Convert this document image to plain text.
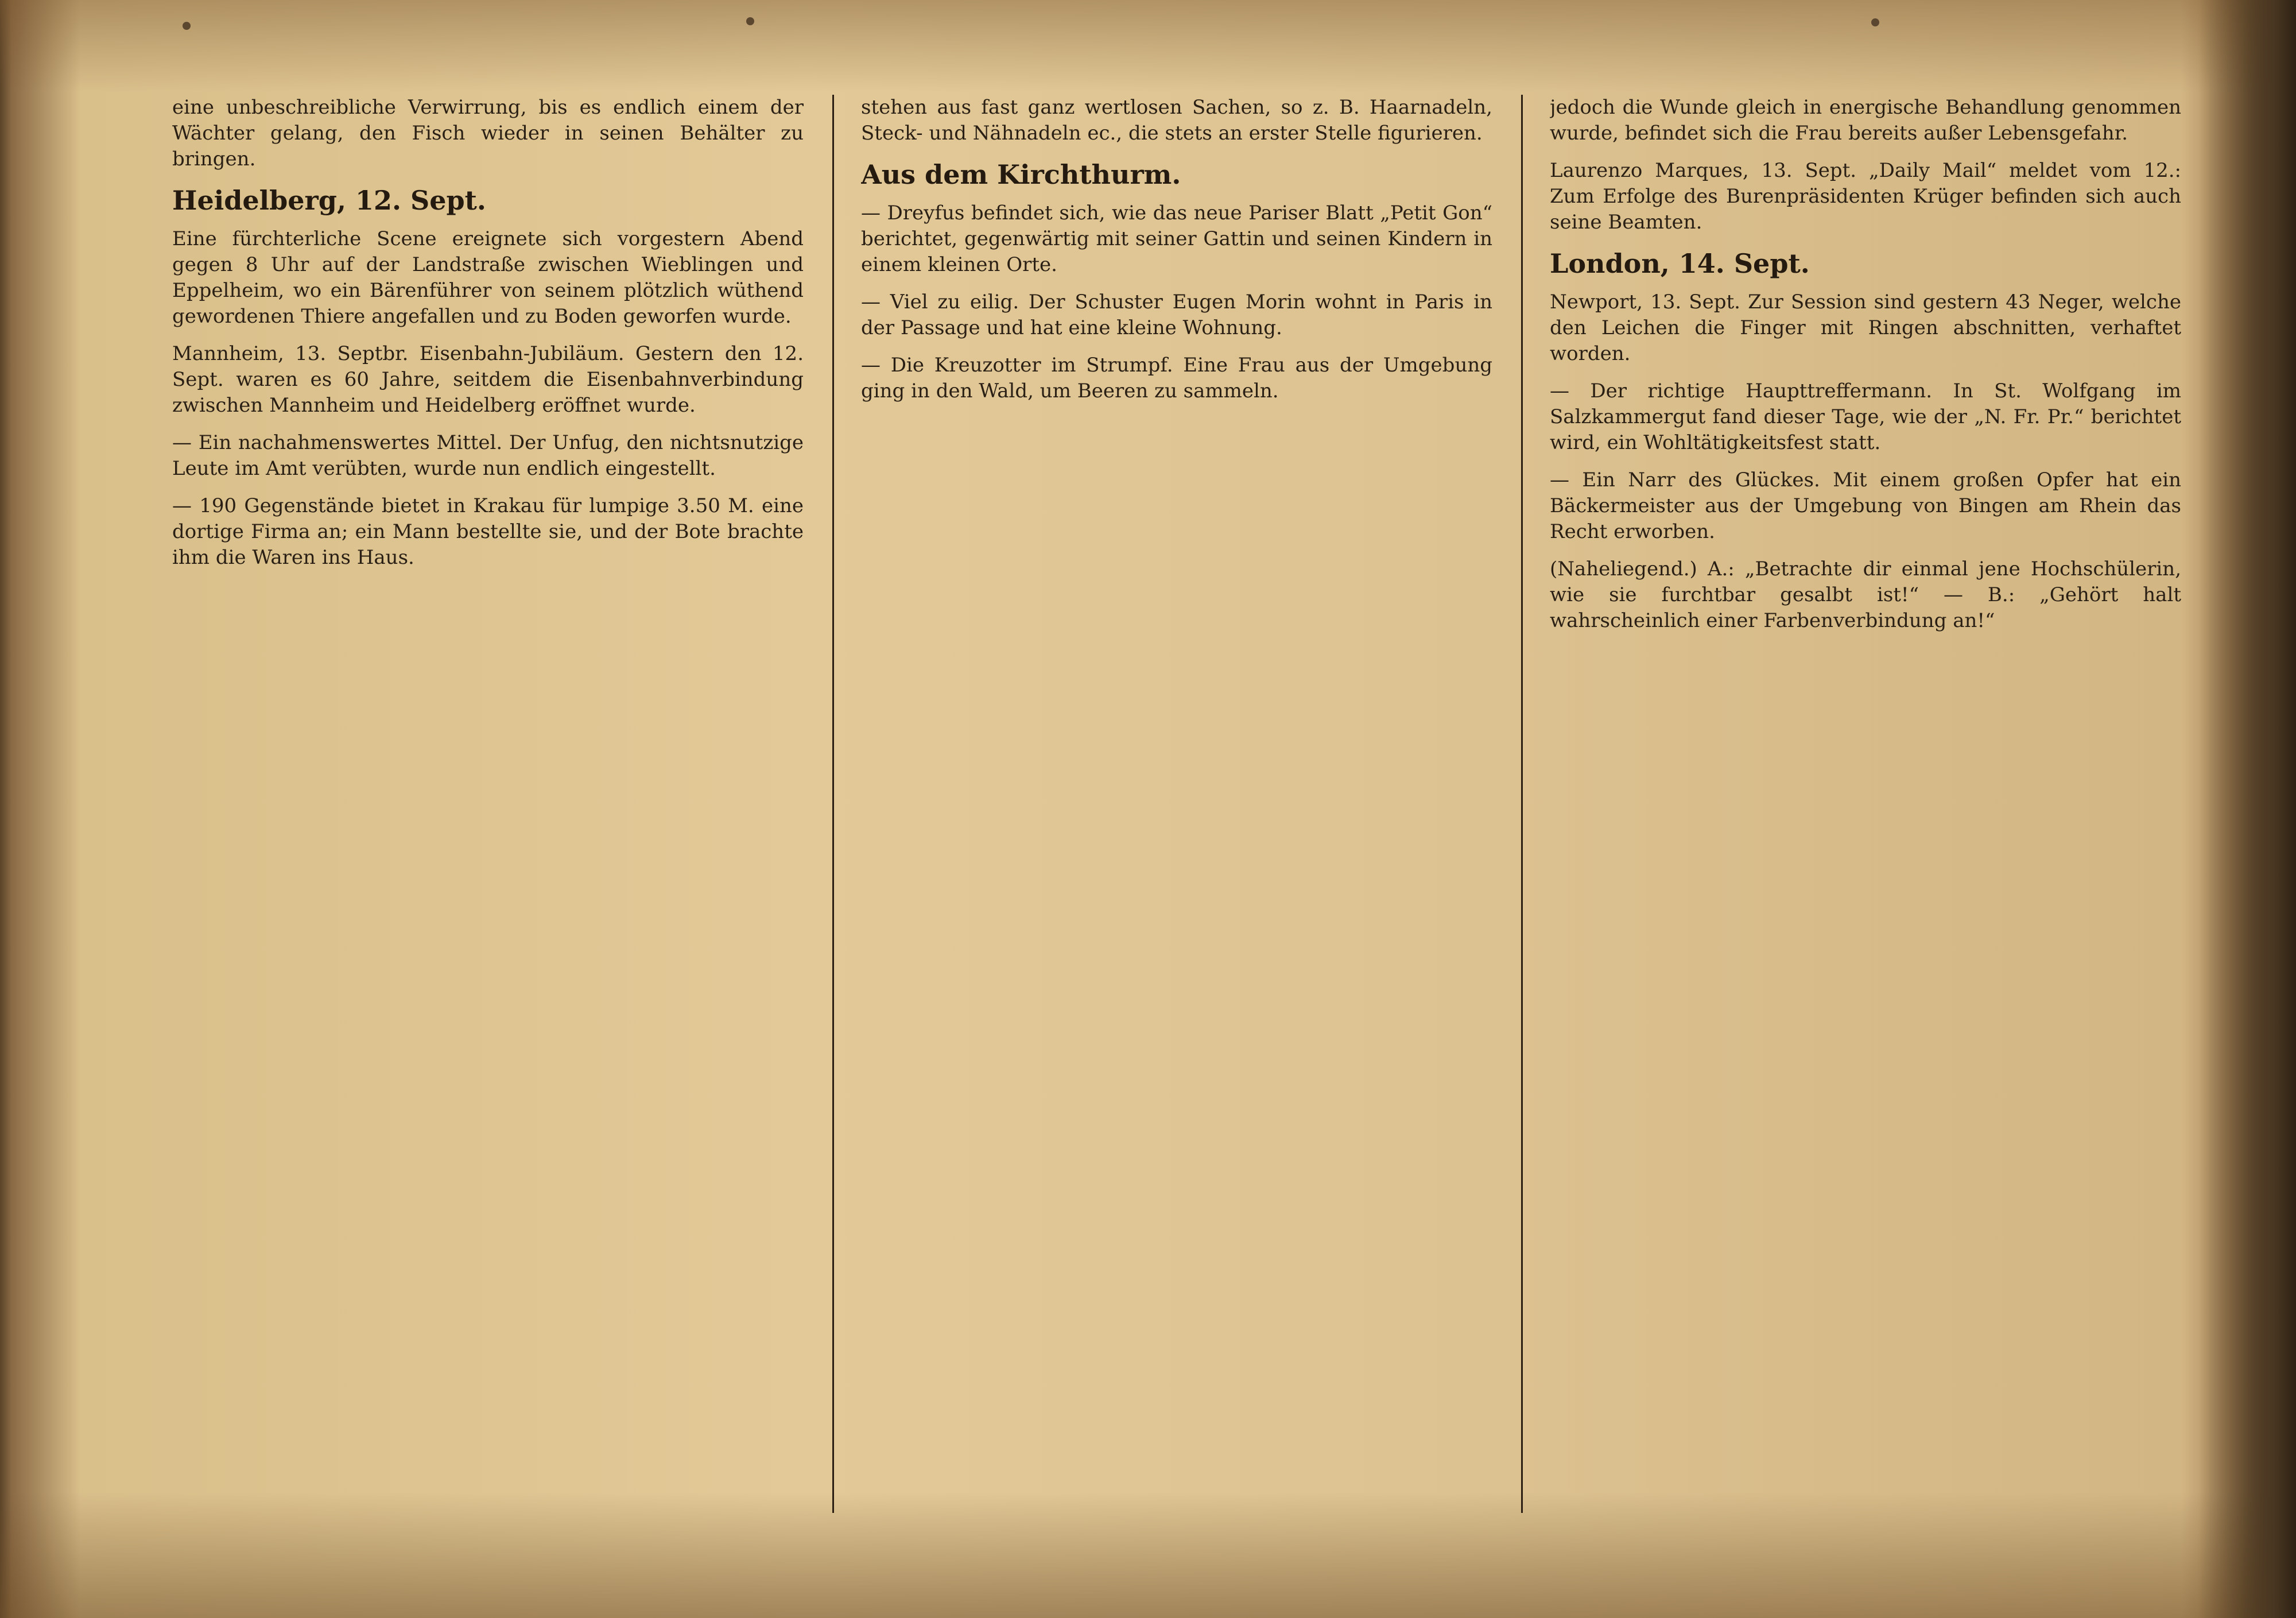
eine unbeschreibliche Verwirrung, bis es endlich einem der Wächter gelang, den Fisch wieder in seinen Behälter zu bringen.

Heidelberg, 12. Sept.

Eine fürchterliche Scene ereignete sich vorgestern Abend gegen 8 Uhr auf der Landstraße zwischen Wieblingen und Eppelheim, wo ein Bärenführer von seinem plötzlich wüthend gewordenen Thiere angefallen und zu Boden geworfen wurde.

Mannheim, 13. Septbr. Eisenbahn-Jubiläum. Gestern den 12. Sept. waren es 60 Jahre, seitdem die Eisenbahnverbindung zwischen Mannheim und Heidelberg eröffnet wurde.

— Ein nachahmenswertes Mittel. Der Unfug, den nichtsnutzige Leute im Amt verübten, wurde nun endlich eingestellt.

— 190 Gegenstände bietet in Krakau für lumpige 3.50 M. eine dortige Firma an; ein Mann bestellte sie, und der Bote brachte ihm die Waren ins Haus.

stehen aus fast ganz wertlosen Sachen, so z. B. Haarnadeln, Steck- und Nähnadeln ec., die stets an erster Stelle figurieren.

Aus dem Kirchthurm.

— Dreyfus befindet sich, wie das neue Pariser Blatt „Petit Gon“ berichtet, gegenwärtig mit seiner Gattin und seinen Kindern in einem kleinen Orte.

— Viel zu eilig. Der Schuster Eugen Morin wohnt in Paris in der Passage und hat eine kleine Wohnung.

— Die Kreuzotter im Strumpf. Eine Frau aus der Umgebung ging in den Wald, um Beeren zu sammeln.

jedoch die Wunde gleich in energische Behandlung genommen wurde, befindet sich die Frau bereits außer Lebensgefahr.

Laurenzo Marques, 13. Sept. „Daily Mail“ meldet vom 12.: Zum Erfolge des Burenpräsidenten Krüger befinden sich auch seine Beamten.

London, 14. Sept.

Newport, 13. Sept. Zur Session sind gestern 43 Neger, welche den Leichen die Finger mit Ringen abschnitten, verhaftet worden.

— Der richtige Haupttreffermann. In St. Wolfgang im Salzkammergut fand dieser Tage, wie der „N. Fr. Pr.“ berichtet wird, ein Wohltätigkeitsfest statt.

— Ein Narr des Glückes. Mit einem großen Opfer hat ein Bäckermeister aus der Umgebung von Bingen am Rhein das Recht erworben.

(Naheliegend.) A.: „Betrachte dir einmal jene Hochschülerin, wie sie furchtbar gesalbt ist!“ — B.: „Gehört halt wahrscheinlich einer Farbenverbindung an!“
